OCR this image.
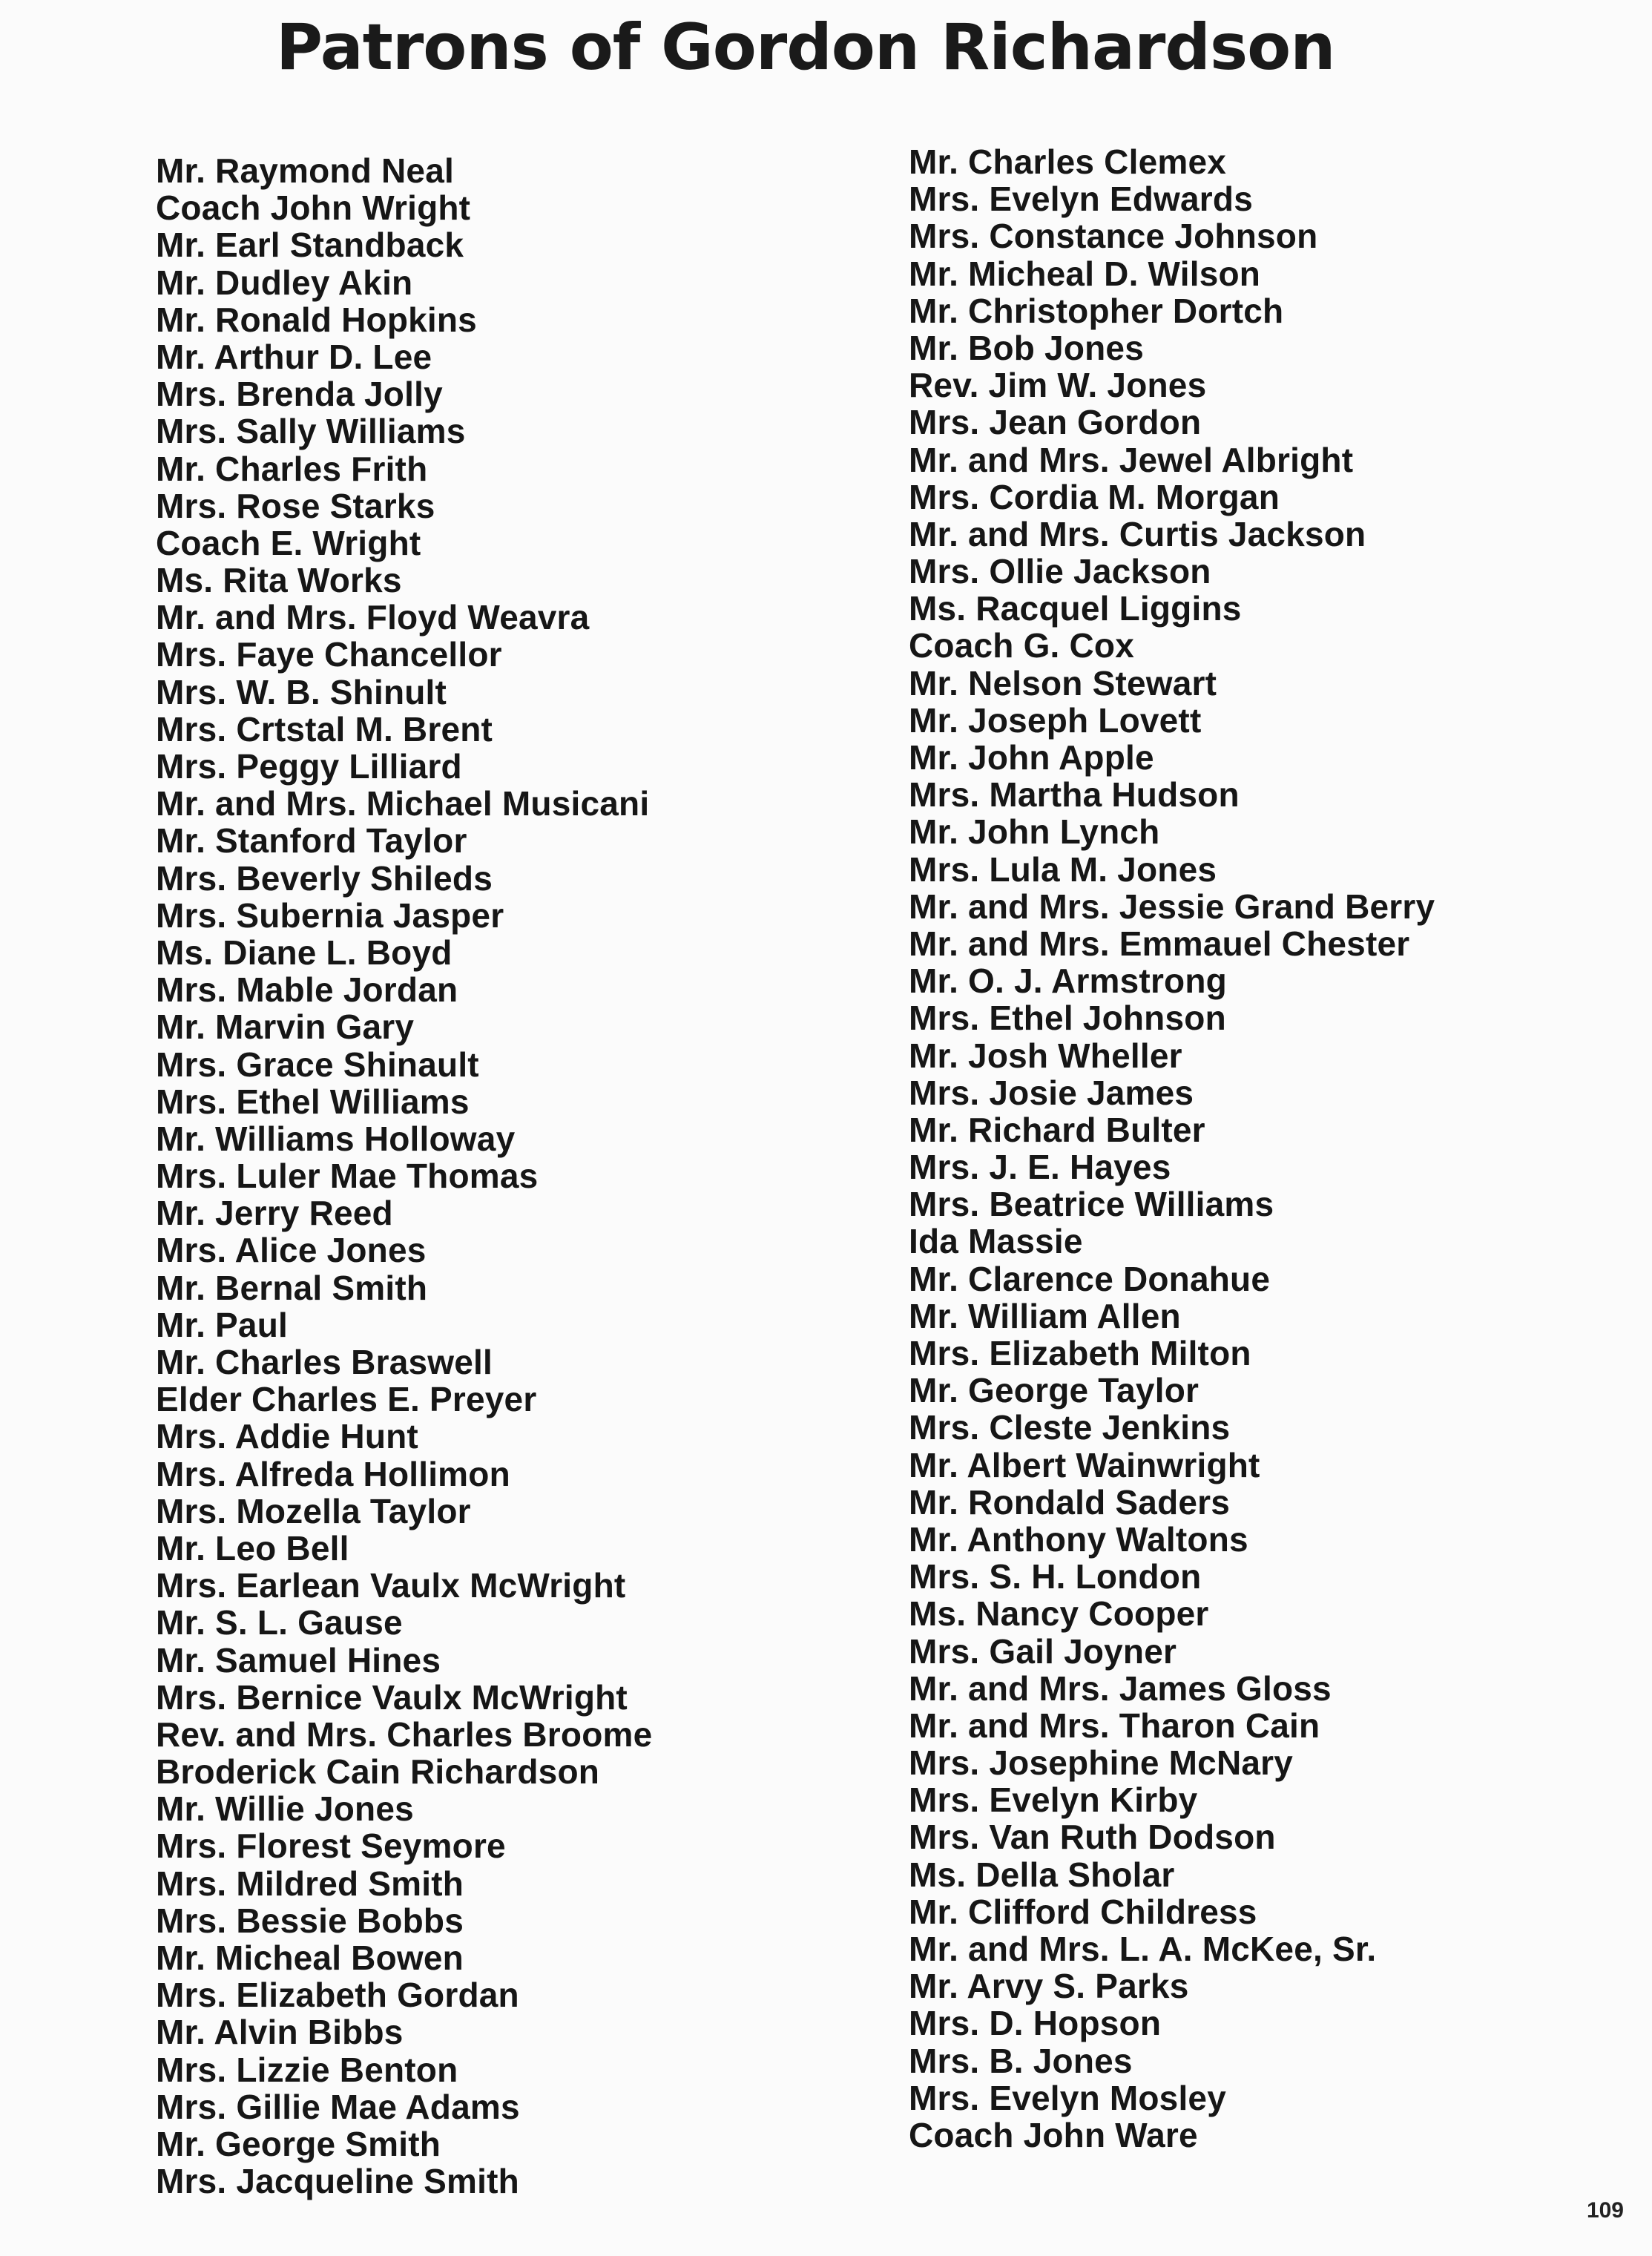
Patrons of Gordon Richardson
Mr. Raymond Neal
Coach John Wright
Mr. Earl Standback
Mr. Dudley Akin
Mr. Ronald Hopkins
Mr. Arthur D. Lee
Mrs. Brenda Jolly
Mrs. Sally Williams
Mr. Charles Frith
Mrs. Rose Starks
Coach E. Wright
Ms. Rita Works
Mr. and Mrs. Floyd Weavra
Mrs. Faye Chancellor
Mrs. W. B. Shinult
Mrs. Crtstal M. Brent
Mrs. Peggy Lilliard
Mr. and Mrs. Michael Musicani
Mr. Stanford Taylor
Mrs. Beverly Shileds
Mrs. Subernia Jasper
Ms. Diane L. Boyd
Mrs. Mable Jordan
Mr. Marvin Gary
Mrs. Grace Shinault
Mrs. Ethel Williams
Mr. Williams Holloway
Mrs. Luler Mae Thomas
Mr. Jerry Reed
Mrs. Alice Jones
Mr. Bernal Smith
Mr. Paul
Mr. Charles Braswell
Elder Charles E. Preyer
Mrs. Addie Hunt
Mrs. Alfreda Hollimon
Mrs. Mozella Taylor
Mr. Leo Bell
Mrs. Earlean Vaulx McWright
Mr. S. L. Gause
Mr. Samuel Hines
Mrs. Bernice Vaulx McWright
Rev. and Mrs. Charles Broome
Broderick Cain Richardson
Mr. Willie Jones
Mrs. Florest Seymore
Mrs. Mildred Smith
Mrs. Bessie Bobbs
Mr. Micheal Bowen
Mrs. Elizabeth Gordan
Mr. Alvin Bibbs
Mrs. Lizzie Benton
Mrs. Gillie Mae Adams
Mr. George Smith
Mrs. Jacqueline Smith
Mr. Charles Clemex
Mrs. Evelyn Edwards
Mrs. Constance Johnson
Mr. Micheal D. Wilson
Mr. Christopher Dortch
Mr. Bob Jones
Rev. Jim W. Jones
Mrs. Jean Gordon
Mr. and Mrs. Jewel Albright
Mrs. Cordia M. Morgan
Mr. and Mrs. Curtis Jackson
Mrs. Ollie Jackson
Ms. Racquel Liggins
Coach G. Cox
Mr. Nelson Stewart
Mr. Joseph Lovett
Mr. John Apple
Mrs. Martha Hudson
Mr. John Lynch
Mrs. Lula M. Jones
Mr. and Mrs. Jessie Grand Berry
Mr. and Mrs. Emmauel Chester
Mr. O. J. Armstrong
Mrs. Ethel Johnson
Mr. Josh Wheller
Mrs. Josie James
Mr. Richard Bulter
Mrs. J. E. Hayes
Mrs. Beatrice Williams
Ida Massie
Mr. Clarence Donahue
Mr. William Allen
Mrs. Elizabeth Milton
Mr. George Taylor
Mrs. Cleste Jenkins
Mr. Albert Wainwright
Mr. Rondald Saders
Mr. Anthony Waltons
Mrs. S. H. London
Ms. Nancy Cooper
Mrs. Gail Joyner
Mr. and Mrs. James Gloss
Mr. and Mrs. Tharon Cain
Mrs. Josephine McNary
Mrs. Evelyn Kirby
Mrs. Van Ruth Dodson
Ms. Della Sholar
Mr. Clifford Childress
Mr. and Mrs. L. A. McKee, Sr.
Mr. Arvy S. Parks
Mrs. D. Hopson
Mrs. B. Jones
Mrs. Evelyn Mosley
Coach John Ware
109
